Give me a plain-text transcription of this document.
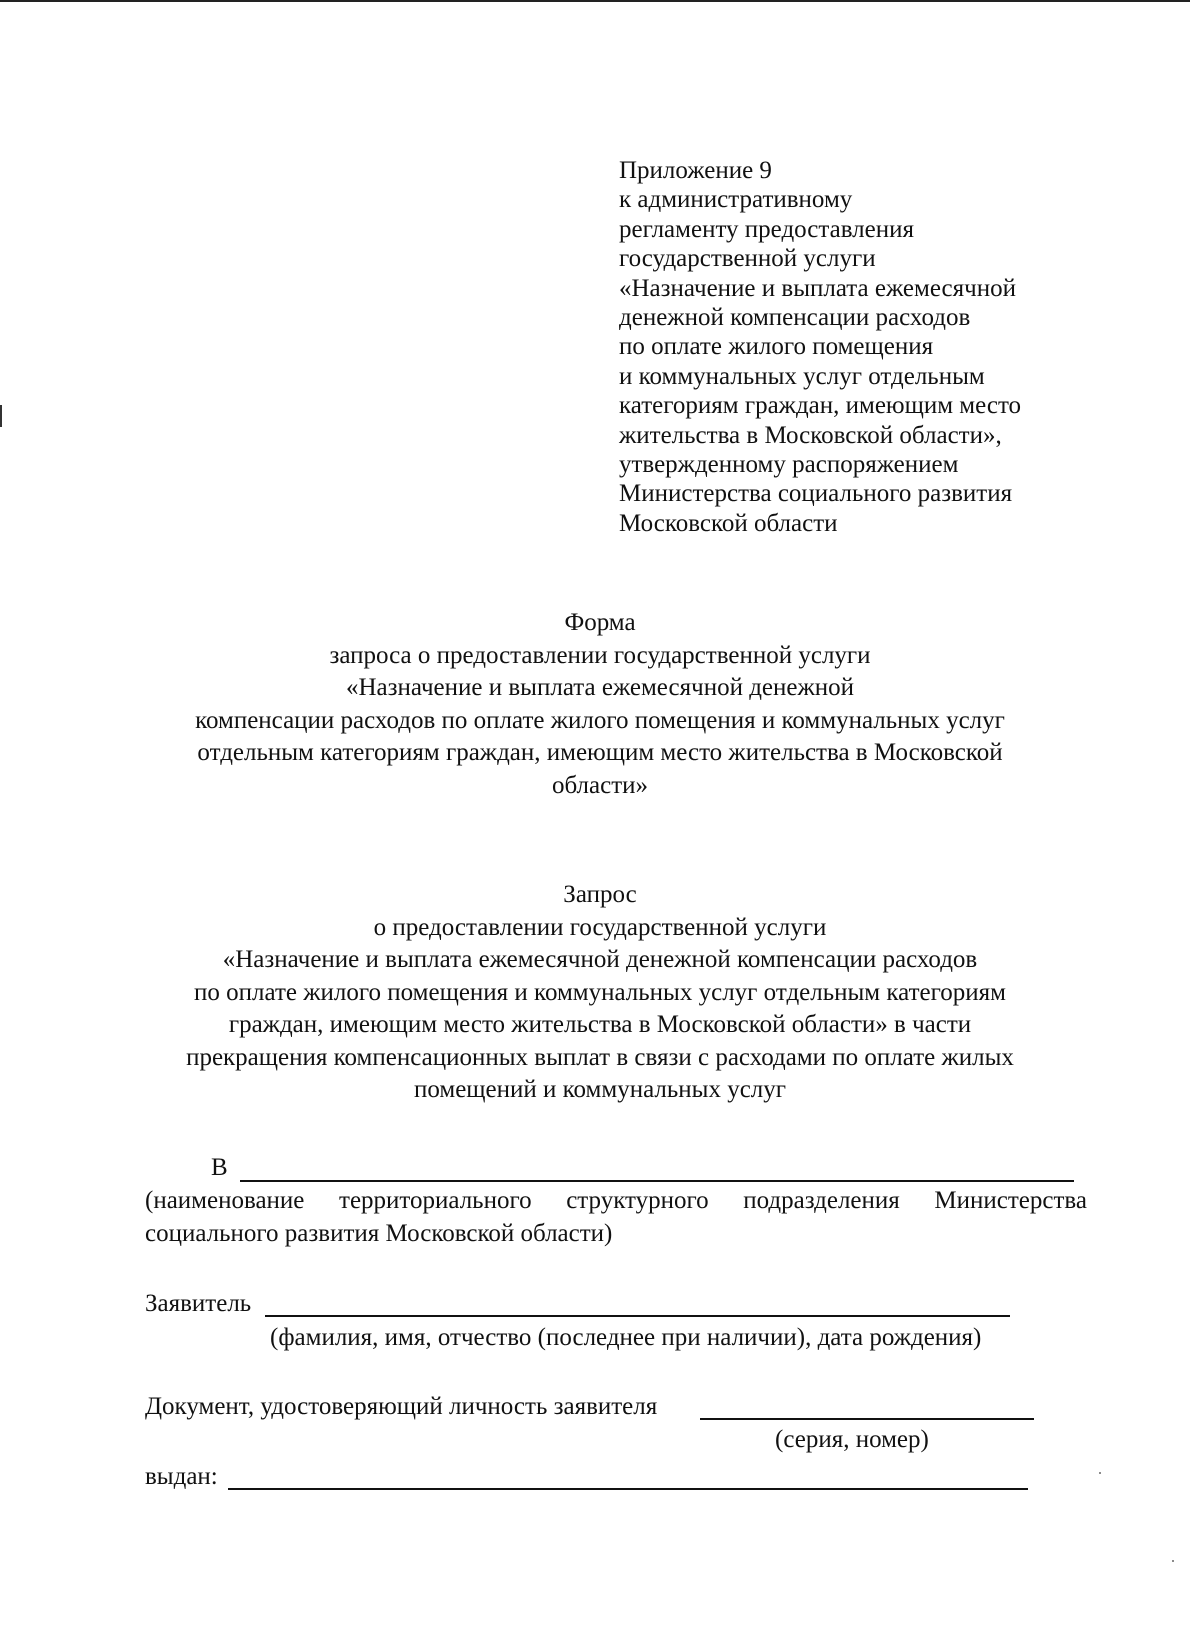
Приложение 9
к административному
регламенту предоставления
государственной услуги
«Назначение и выплата ежемесячной
денежной компенсации расходов
по оплате жилого помещения
и коммунальных услуг отдельным
категориям граждан, имеющим место
жительства в Московской области»,
утвержденному распоряжением
Министерства социального развития
Московской области
Форма
запроса о предоставлении государственной услуги
«Назначение и выплата ежемесячной денежной
компенсации расходов по оплате жилого помещения и коммунальных услуг
отдельным категориям граждан, имеющим место жительства в Московской
области»
Запрос
о предоставлении государственной услуги
«Назначение и выплата ежемесячной денежной компенсации расходов
по оплате жилого помещения и коммунальных услуг отдельным категориям
граждан, имеющим место жительства в Московской области» в части
прекращения компенсационных выплат в связи с расходами по оплате жилых
помещений и коммунальных услуг
В
(наименование территориального структурного подразделения Министерства
социального развития Московской области)
Заявитель
(фамилия, имя, отчество (последнее при наличии), дата рождения)
Документ, удостоверяющий личность заявителя
(серия, номер)
выдан:
